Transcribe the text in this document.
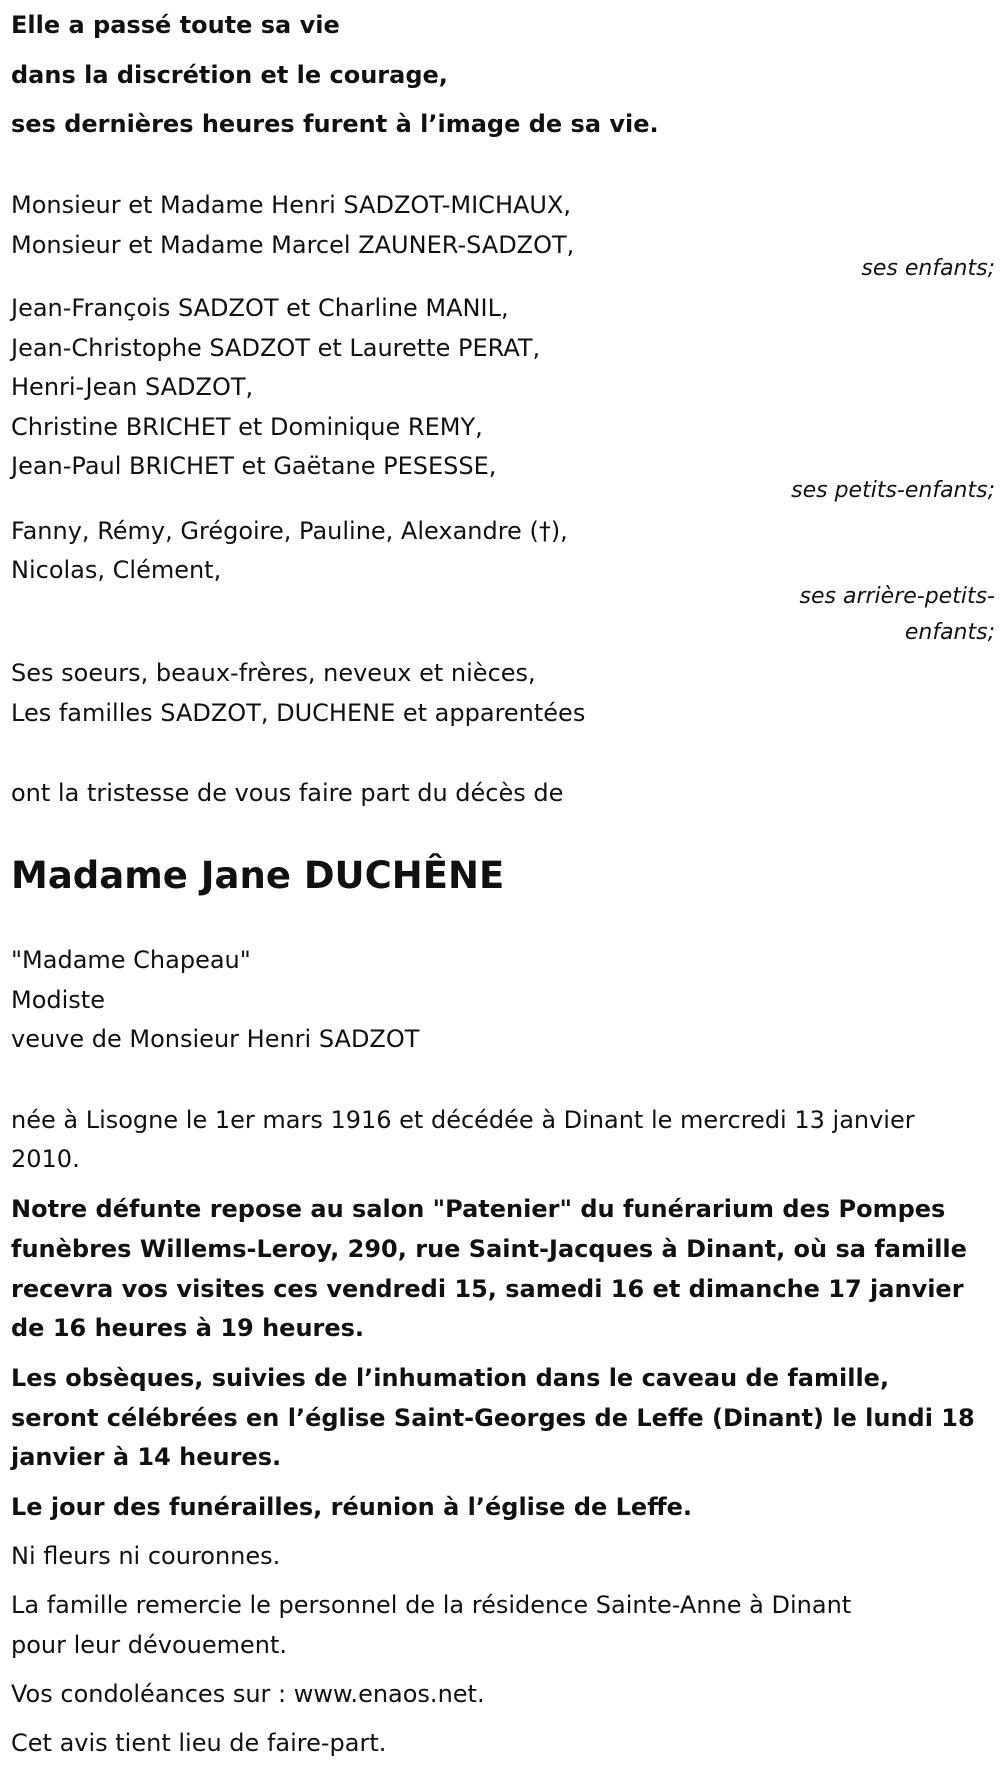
Elle a passé toute sa vie

dans la discrétion et le courage,

ses dernières heures furent à l’image de sa vie.

Monsieur et Madame Henri SADZOT-MICHAUX,

Monsieur et Madame Marcel ZAUNER-SADZOT,

ses enfants;

Jean-François SADZOT et Charline MANIL,

Jean-Christophe SADZOT et Laurette PERAT,

Henri-Jean SADZOT,

Christine BRICHET et Dominique REMY,

Jean-Paul BRICHET et Gaëtane PESESSE,

ses petits-enfants;

Fanny, Rémy, Grégoire, Pauline, Alexandre (†),

Nicolas, Clément,

ses arrière-petits-

enfants;

Ses soeurs, beaux-frères, neveux et nièces,

Les familles SADZOT, DUCHENE et apparentées

ont la tristesse de vous faire part du décès de

Madame Jane DUCHÊNE

"Madame Chapeau"

Modiste

veuve de Monsieur Henri SADZOT

née à Lisogne le 1er mars 1916 et décédée à Dinant le mercredi 13 janvier

2010.

Notre défunte repose au salon "Patenier" du funérarium des Pompes

funèbres Willems-Leroy, 290, rue Saint-Jacques à Dinant, où sa famille

recevra vos visites ces vendredi 15, samedi 16 et dimanche 17 janvier

de 16 heures à 19 heures.

Les obsèques, suivies de l’inhumation dans le caveau de famille,

seront célébrées en l’église Saint-Georges de Leffe (Dinant) le lundi 18

janvier à 14 heures.

Le jour des funérailles, réunion à l’église de Leffe.

Ni fleurs ni couronnes.

La famille remercie le personnel de la résidence Sainte-Anne à Dinant

pour leur dévouement.

Vos condoléances sur : www.enaos.net.

Cet avis tient lieu de faire-part.
